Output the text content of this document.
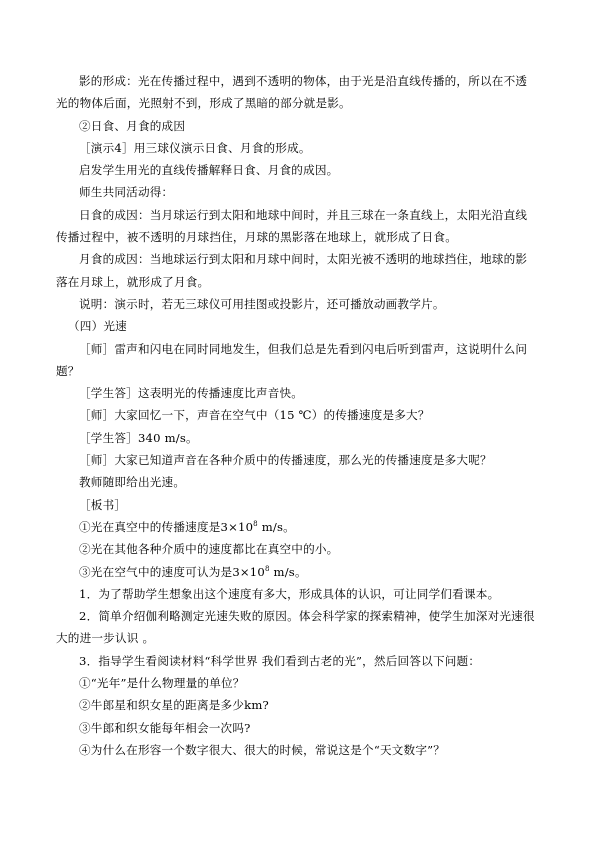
影的形成：光在传播过程中，遇到不透明的物体，由于光是沿直线传播的，所以在不透

光的物体后面，光照射不到，形成了黑暗的部分就是影。

②日食、月食的成因

［演示4］用三球仪演示日食、月食的形成。

启发学生用光的直线传播解释日食、月食的成因。

师生共同活动得：

日食的成因：当月球运行到太阳和地球中间时，并且三球在一条直线上，太阳光沿直线

传播过程中，被不透明的月球挡住，月球的黑影落在地球上，就形成了日食。

月食的成因：当地球运行到太阳和月球中间时，太阳光被不透明的地球挡住，地球的影

落在月球上，就形成了月食。

说明：演示时，若无三球仪可用挂图或投影片，还可播放动画教学片。

（四）光速

［师］雷声和闪电在同时同地发生，但我们总是先看到闪电后听到雷声，这说明什么问

题？

［学生答］这表明光的传播速度比声音快。

［师］大家回忆一下，声音在空气中（15 ℃）的传播速度是多大？

［学生答］340 m/s。

［师］大家已知道声音在各种介质中的传播速度，那么光的传播速度是多大呢？

教师随即给出光速。

［板书］

①光在真空中的传播速度是$3\times 10^8$ m/s。

②光在其他各种介质中的速度都比在真空中的小。

③光在空气中的速度可认为是$3\times 10^8$ m/s。

1．为了帮助学生想象出这个速度有多大，形成具体的认识，可让同学们看课本。

2．简单介绍伽利略测定光速失败的原因。体会科学家的探索精神，使学生加深对光速很

大的进一步认识 。

3．指导学生看阅读材料“科学世界 我们看到古老的光”，然后回答以下问题：

①“光年”是什么物理量的单位？

②牛郎星和织女星的距离是多少km?

③牛郎和织女能每年相会一次吗?

④为什么在形容一个数字很大、很大的时候，常说这是个“天文数字”？
